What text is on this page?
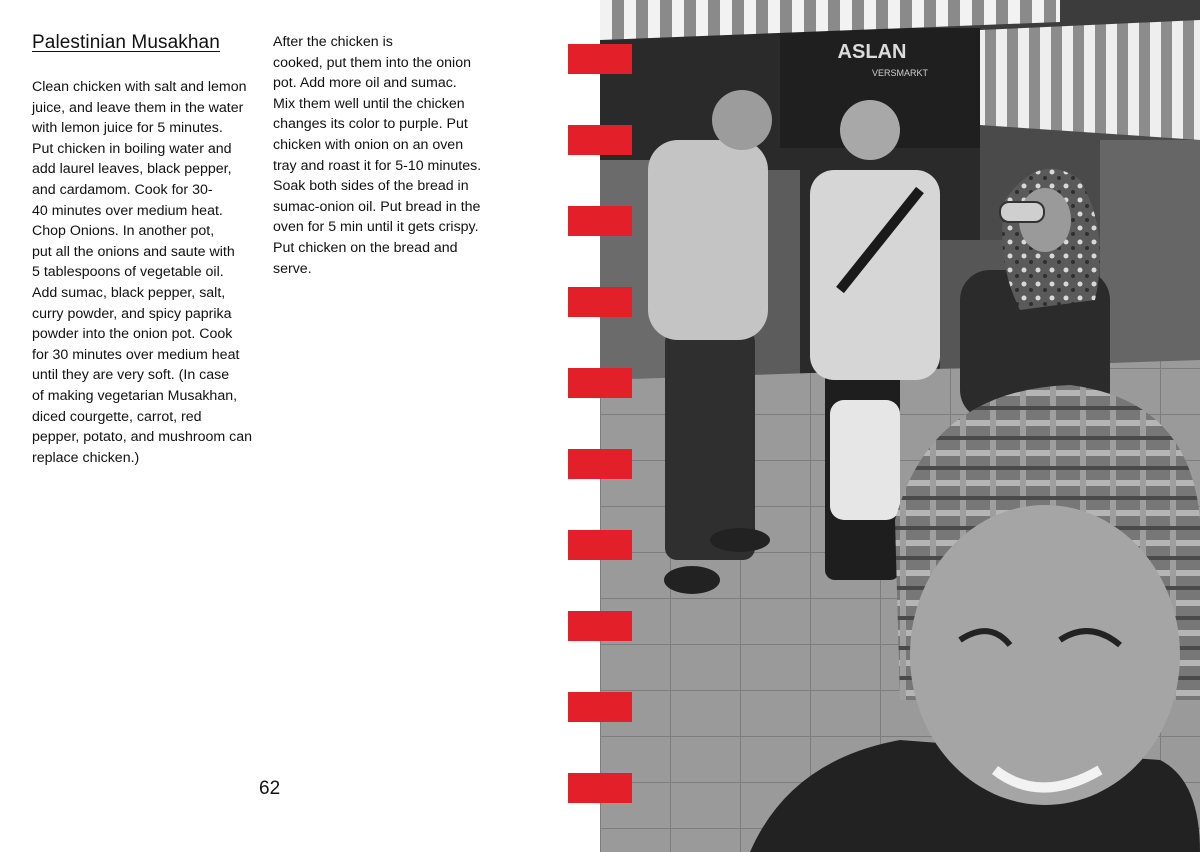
Palestinian Musakhan
Clean chicken with salt and lemon
juice, and leave them in the water
with lemon juice for 5 minutes.
Put chicken in boiling water and
add laurel leaves, black pepper,
and cardamom. Cook for 30-
40 minutes over medium heat.
Chop Onions. In another pot,
put all the onions and saute with
5 tablespoons of vegetable oil.
Add sumac, black pepper, salt,
curry powder, and spicy paprika
powder into the onion pot. Cook
for 30 minutes over medium heat
until they are very soft. (In case
of making vegetarian Musakhan,
diced courgette, carrot, red
pepper, potato, and mushroom can
replace chicken.)
After the chicken is
cooked, put them into the onion
pot. Add more oil and sumac.
Mix them well until the chicken
changes its color to purple. Put
chicken with onion on an oven
tray and roast it for 5-10 minutes.
Soak both sides of the bread in
sumac-onion oil. Put bread in the
oven for 5 min until it gets crispy.
Put chicken on the bread and
serve.
62
ASLAN
VERSMARKT
